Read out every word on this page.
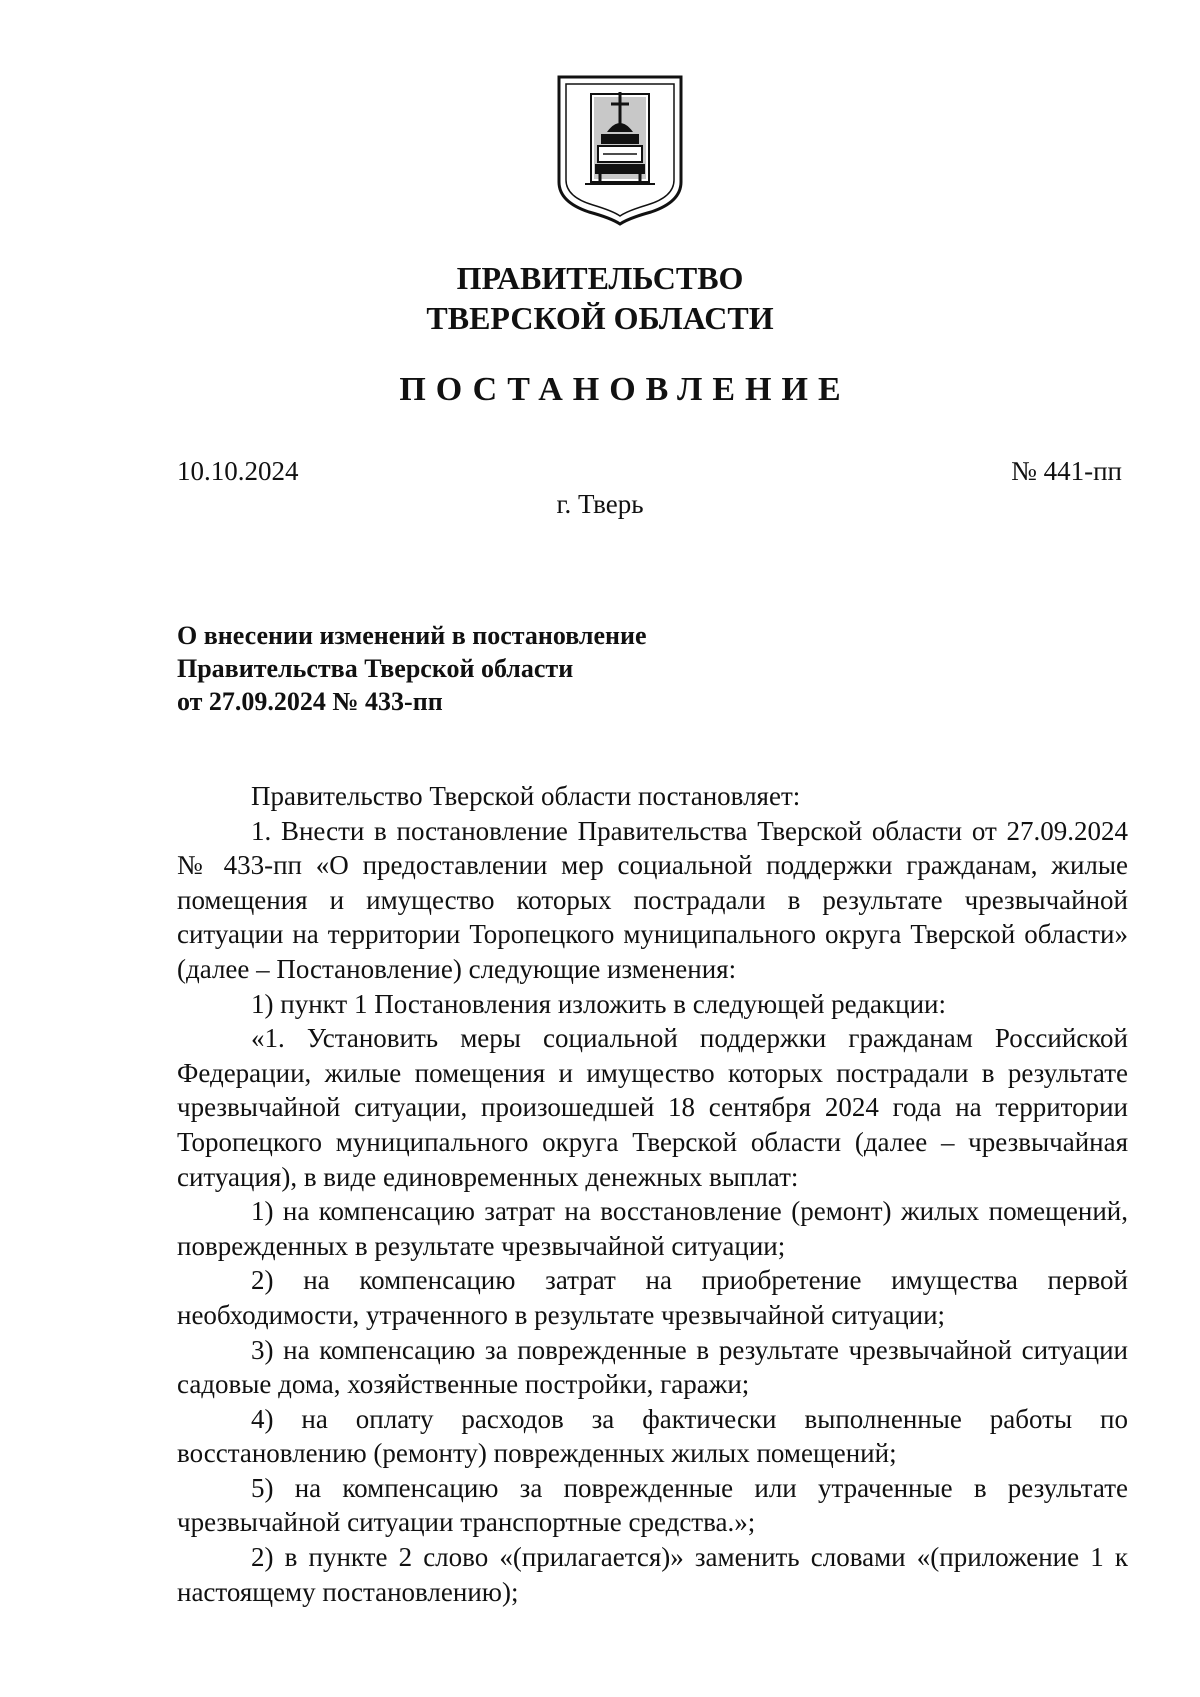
ПРАВИТЕЛЬСТВО
ТВЕРСКОЙ ОБЛАСТИ
ПОСТАНОВЛЕНИЕ
10.10.2024	№ 441-пп
г. Тверь
О внесении изменений в постановление
Правительства Тверской области
от 27.09.2024 № 433-пп

Правительство Тверской области постановляет:

1. Внести в постановление Правительства Тверской области от 27.09.2024 № 433-пп «О предоставлении мер социальной поддержки гражданам, жилые помещения и имущество которых пострадали в результате чрезвычайной ситуации на территории Торопецкого муниципального округа Тверской области» (далее – Постановление) следующие изменения:

1) пункт 1 Постановления изложить в следующей редакции:

«1. Установить меры социальной поддержки гражданам Российской Федерации, жилые помещения и имущество которых пострадали в результате чрезвычайной ситуации, произошедшей 18 сентября 2024 года на территории Торопецкого муниципального округа Тверской области (далее – чрезвычайная ситуация), в виде единовременных денежных выплат:

1) на компенсацию затрат на восстановление (ремонт) жилых помещений, поврежденных в результате чрезвычайной ситуации;

2) на компенсацию затрат на приобретение имущества первой необходимости, утраченного в результате чрезвычайной ситуации;

3) на компенсацию за поврежденные в результате чрезвычайной ситуации садовые дома, хозяйственные постройки, гаражи;

4) на оплату расходов за фактически выполненные работы по восстановлению (ремонту) поврежденных жилых помещений;

5) на компенсацию за поврежденные или утраченные в результате чрезвычайной ситуации транспортные средства.»;

2) в пункте 2 слово «(прилагается)» заменить словами «(приложение 1 к настоящему постановлению);
